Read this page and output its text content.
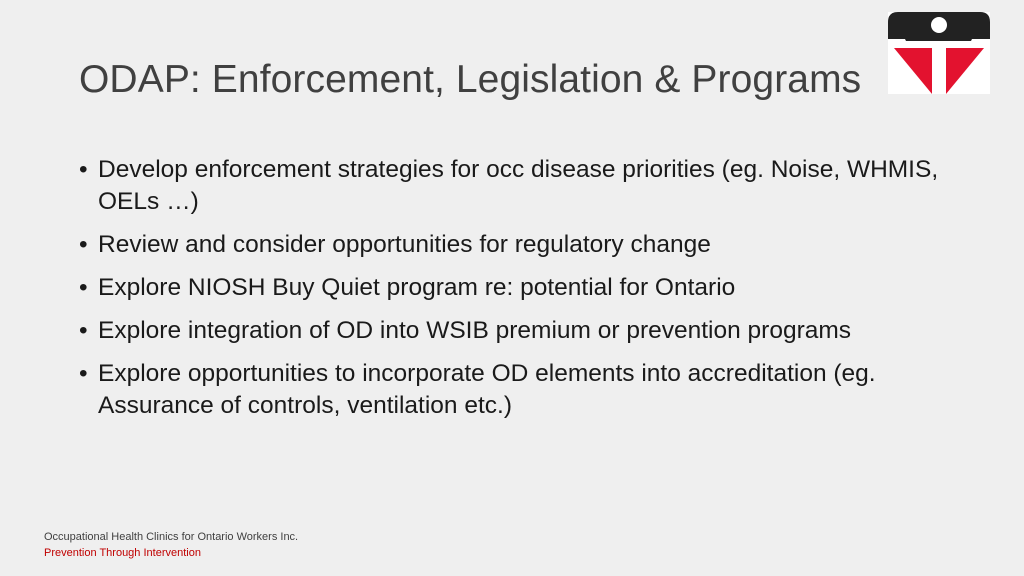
ODAP: Enforcement, Legislation & Programs
• Develop enforcement strategies for occ disease priorities (eg. Noise, WHMIS, OELs …)
• Review and consider opportunities for regulatory change
• Explore NIOSH Buy Quiet program re: potential for Ontario
• Explore integration of OD into WSIB premium or prevention programs
• Explore opportunities to incorporate OD elements into accreditation (eg. Assurance of controls, ventilation etc.)
Occupational Health Clinics for Ontario Workers Inc.
Prevention Through Intervention
